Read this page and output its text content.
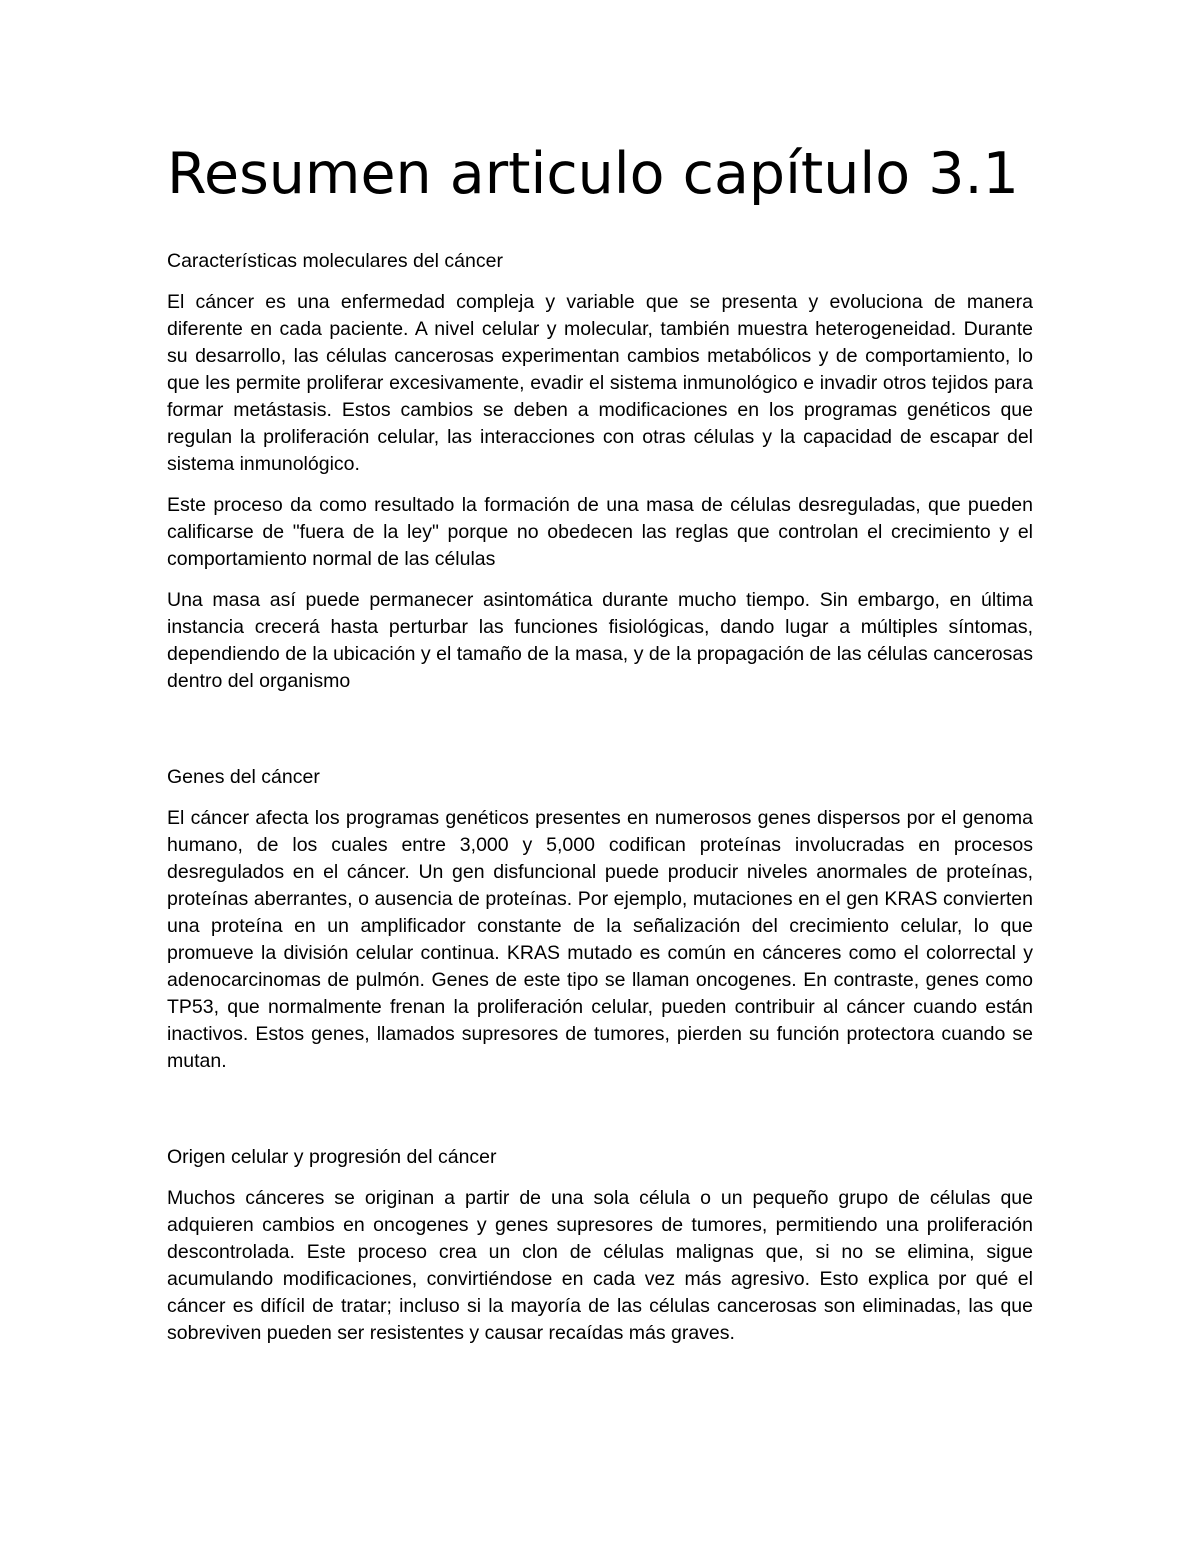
Resumen articulo capítulo 3.1
Características moleculares del cáncer

El cáncer es una enfermedad compleja y variable que se presenta y evoluciona de manera diferente en cada paciente. A nivel celular y molecular, también muestra heterogeneidad. Durante su desarrollo, las células cancerosas experimentan cambios metabólicos y de comportamiento, lo que les permite proliferar excesivamente, evadir el sistema inmunológico e invadir otros tejidos para formar metástasis. Estos cambios se deben a modificaciones en los programas genéticos que regulan la proliferación celular, las interacciones con otras células y la capacidad de escapar del sistema inmunológico.

Este proceso da como resultado la formación de una masa de células desreguladas, que pueden calificarse de "fuera de la ley" porque no obedecen las reglas que controlan el crecimiento y el comportamiento normal de las células

Una masa así puede permanecer asintomática durante mucho tiempo. Sin embargo, en última instancia crecerá hasta perturbar las funciones fisiológicas, dando lugar a múltiples síntomas, dependiendo de la ubicación y el tamaño de la masa, y de la propagación de las células cancerosas dentro del organismo

Genes del cáncer

El cáncer afecta los programas genéticos presentes en numerosos genes dispersos por el genoma humano, de los cuales entre 3,000 y 5,000 codifican proteínas involucradas en procesos desregulados en el cáncer. Un gen disfuncional puede producir niveles anormales de proteínas, proteínas aberrantes, o ausencia de proteínas. Por ejemplo, mutaciones en el gen KRAS convierten una proteína en un amplificador constante de la señalización del crecimiento celular, lo que promueve la división celular continua. KRAS mutado es común en cánceres como el colorrectal y adenocarcinomas de pulmón. Genes de este tipo se llaman oncogenes. En contraste, genes como TP53, que normalmente frenan la proliferación celular, pueden contribuir al cáncer cuando están inactivos. Estos genes, llamados supresores de tumores, pierden su función protectora cuando se mutan.

Origen celular y progresión del cáncer

Muchos cánceres se originan a partir de una sola célula o un pequeño grupo de células que adquieren cambios en oncogenes y genes supresores de tumores, permitiendo una proliferación descontrolada. Este proceso crea un clon de células malignas que, si no se elimina, sigue acumulando modificaciones, convirtiéndose en cada vez más agresivo. Esto explica por qué el cáncer es difícil de tratar; incluso si la mayoría de las células cancerosas son eliminadas, las que sobreviven pueden ser resistentes y causar recaídas más graves.
